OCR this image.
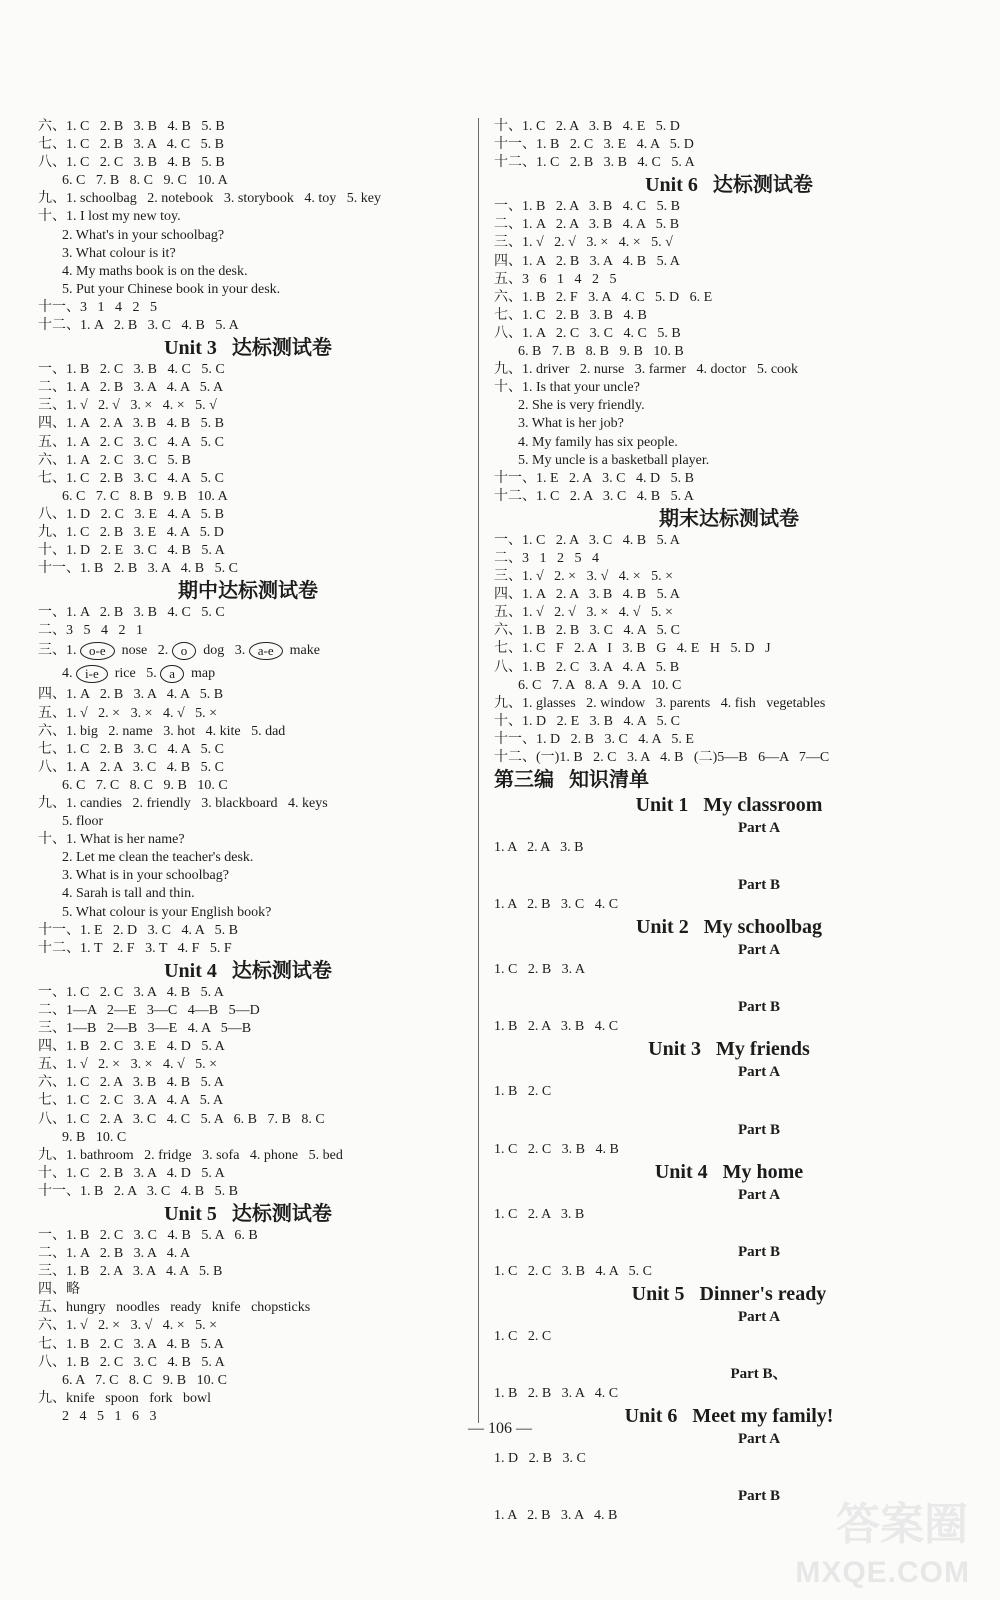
六、1. C   2. B   3. B   4. B   5. B
七、1. C   2. B   3. A   4. C   5. B
八、1. C   2. C   3. B   4. B   5. B
6. C   7. B   8. C   9. C   10. A
九、1. schoolbag   2. notebook   3. storybook   4. toy   5. key
十、1. I lost my new toy.
2. What's in your schoolbag?
3. What colour is it?
4. My maths book is on the desk.
5. Put your Chinese book in your desk.
十一、3   1   4   2   5
十二、1. A   2. B   3. C   4. B   5. A
Unit 3   达标测试卷
一、1. B   2. C   3. B   4. C   5. C
二、1. A   2. B   3. A   4. A   5. A
三、1. √   2. √   3. ×   4. ×   5. √
四、1. A   2. A   3. B   4. B   5. B
五、1. A   2. C   3. C   4. A   5. C
六、1. A   2. C   3. C   5. B
七、1. C   2. B   3. C   4. A   5. C
6. C   7. C   8. B   9. B   10. A
八、1. D   2. C   3. E   4. A   5. B
九、1. C   2. B   3. E   4. A   5. D
十、1. D   2. E   3. C   4. B   5. A
十一、1. B   2. B   3. A   4. B   5. C
期中达标测试卷
一、1. A   2. B   3. B   4. C   5. C
二、3   5   4   2   1
三、1. o-e  nose   2. o  dog   3. a-e  make
4. i-e  rice   5. a  map
四、1. A   2. B   3. A   4. A   5. B
五、1. √   2. ×   3. ×   4. √   5. ×
六、1. big   2. name   3. hot   4. kite   5. dad
七、1. C   2. B   3. C   4. A   5. C
八、1. A   2. A   3. C   4. B   5. C
6. C   7. C   8. C   9. B   10. C
九、1. candies   2. friendly   3. blackboard   4. keys
5. floor
十、1. What is her name?
2. Let me clean the teacher's desk.
3. What is in your schoolbag?
4. Sarah is tall and thin.
5. What colour is your English book?
十一、1. E   2. D   3. C   4. A   5. B
十二、1. T   2. F   3. T   4. F   5. F
Unit 4   达标测试卷
一、1. C   2. C   3. A   4. B   5. A
二、1—A   2—E   3—C   4—B   5—D
三、1—B   2—B   3—E   4. A   5—B
四、1. B   2. C   3. E   4. D   5. A
五、1. √   2. ×   3. ×   4. √   5. ×
六、1. C   2. A   3. B   4. B   5. A
七、1. C   2. C   3. A   4. A   5. A
八、1. C   2. A   3. C   4. C   5. A   6. B   7. B   8. C
9. B   10. C
九、1. bathroom   2. fridge   3. sofa   4. phone   5. bed
十、1. C   2. B   3. A   4. D   5. A
十一、1. B   2. A   3. C   4. B   5. B
Unit 5   达标测试卷
一、1. B   2. C   3. C   4. B   5. A   6. B
二、1. A   2. B   3. A   4. A
三、1. B   2. A   3. A   4. A   5. B
四、略
五、hungry   noodles   ready   knife   chopsticks
六、1. √   2. ×   3. √   4. ×   5. ×
七、1. B   2. C   3. A   4. B   5. A
八、1. B   2. C   3. C   4. B   5. A
6. A   7. C   8. C   9. B   10. C
九、knife   spoon   fork   bowl
2   4   5   1   6   3
十、1. C   2. A   3. B   4. E   5. D
十一、1. B   2. C   3. E   4. A   5. D
十二、1. C   2. B   3. B   4. C   5. A
Unit 6   达标测试卷
一、1. B   2. A   3. B   4. C   5. B
二、1. A   2. A   3. B   4. A   5. B
三、1. √   2. √   3. ×   4. ×   5. √
四、1. A   2. B   3. A   4. B   5. A
五、3   6   1   4   2   5
六、1. B   2. F   3. A   4. C   5. D   6. E
七、1. C   2. B   3. B   4. B
八、1. A   2. C   3. C   4. C   5. B
6. B   7. B   8. B   9. B   10. B
九、1. driver   2. nurse   3. farmer   4. doctor   5. cook
十、1. Is that your uncle?
2. She is very friendly.
3. What is her job?
4. My family has six people.
5. My uncle is a basketball player.
十一、1. E   2. A   3. C   4. D   5. B
十二、1. C   2. A   3. C   4. B   5. A
期末达标测试卷
一、1. C   2. A   3. C   4. B   5. A
二、3   1   2   5   4
三、1. √   2. ×   3. √   4. ×   5. ×
四、1. A   2. A   3. B   4. B   5. A
五、1. √   2. √   3. ×   4. √   5. ×
六、1. B   2. B   3. C   4. A   5. C
七、1. C   F   2. A   I   3. B   G   4. E   H   5. D   J
八、1. B   2. C   3. A   4. A   5. B
6. C   7. A   8. A   9. A   10. C
九、1. glasses   2. window   3. parents   4. fish   vegetables
十、1. D   2. E   3. B   4. A   5. C
十一、1. D   2. B   3. C   4. A   5. E
十二、(一)1. B   2. C   3. A   4. B   (二)5—B   6—A   7—C
第三编   知识清单
Unit 1   My classroom
Part A
1. A   2. A   3. B
Part B
1. A   2. B   3. C   4. C
Unit 2   My schoolbag
Part A
1. C   2. B   3. A
Part B
1. B   2. A   3. B   4. C
Unit 3   My friends
Part A
1. B   2. C
Part B
1. C   2. C   3. B   4. B
Unit 4   My home
Part A
1. C   2. A   3. B
Part B
1. C   2. C   3. B   4. A   5. C
Unit 5   Dinner's ready
Part A
1. C   2. C
Part B、
1. B   2. B   3. A   4. C
Unit 6   Meet my family!
Part A
1. D   2. B   3. C
Part B
1. A   2. B   3. A   4. B
— 106 —
答案圈
MXQE.COM
